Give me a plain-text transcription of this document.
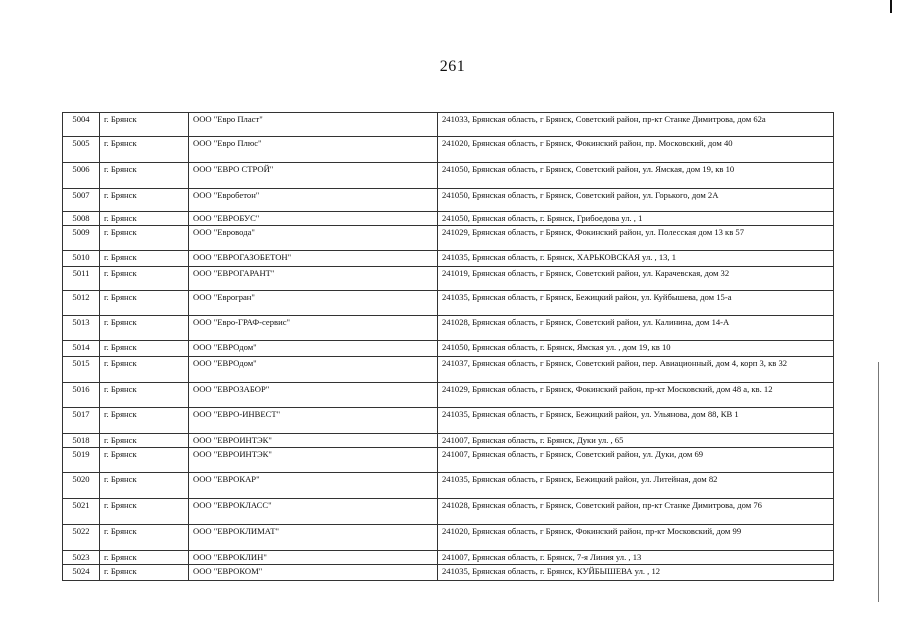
261
5004	г. Брянск	ООО "Евро Пласт"	241033, Брянская область, г Брянск, Советский район, пр-кт Станке Димитрова, дом 62а
5005	г. Брянск	ООО "Евро Плюс"	241020, Брянская область, г Брянск, Фокинский район, пр. Московский, дом 40
5006	г. Брянск	ООО "ЕВРО СТРОЙ"	241050, Брянская область, г Брянск, Советский район, ул. Ямская, дом 19, кв 10
5007	г. Брянск	ООО "Евробетон"	241050, Брянская область, г Брянск, Советский район, ул. Горького, дом 2А
5008	г. Брянск	ООО "ЕВРОБУС"	241050, Брянская область, г. Брянск, Грибоедова ул. , 1
5009	г. Брянск	ООО "Евровода"	241029, Брянская область, г Брянск, Фокинский район, ул. Полесская дом 13 кв 57
5010	г. Брянск	ООО "ЕВРОГАЗОБЕТОН"	241035, Брянская область, г. Брянск, ХАРЬКОВСКАЯ ул. , 13, 1
5011	г. Брянск	ООО "ЕВРОГАРАНТ"	241019, Брянская область, г Брянск, Советский район, ул. Карачевская, дом 32
5012	г. Брянск	ООО "Еврогран"	241035, Брянская область, г Брянск, Бежицкий район, ул. Куйбышева, дом 15-а
5013	г. Брянск	ООО "Евро-ГРАФ-сервис"	241028, Брянская область, г Брянск, Советский район, ул. Калинина, дом 14-А
5014	г. Брянск	ООО "ЕВРОдом"	241050, Брянская область, г. Брянск, Ямская ул. , дом 19, кв 10
5015	г. Брянск	ООО "ЕВРОдом"	241037, Брянская область, г Брянск, Советский район, пер. Авиационный, дом 4, корп 3, кв 32
5016	г. Брянск	ООО "ЕВРОЗАБОР"	241029, Брянская область, г Брянск, Фокинский район, пр-кт Московский, дом 48 а, кв. 12
5017	г. Брянск	ООО "ЕВРО-ИНВЕСТ"	241035, Брянская область, г Брянск, Бежицкий район, ул. Ульянова, дом 88, КВ 1
5018	г. Брянск	ООО "ЕВРОИНТЭК"	241007, Брянская область, г. Брянск, Дуки ул. , 65
5019	г. Брянск	ООО "ЕВРОИНТЭК"	241007, Брянская область, г Брянск, Советский район, ул. Дуки, дом 69
5020	г. Брянск	ООО "ЕВРОКАР"	241035, Брянская область, г Брянск, Бежицкий район, ул. Литейная, дом 82
5021	г. Брянск	ООО "ЕВРОКЛАСС"	241028, Брянская область, г Брянск, Советский район, пр-кт Станке Димитрова, дом 76
5022	г. Брянск	ООО "ЕВРОКЛИМАТ"	241020, Брянская область, г Брянск, Фокинский район, пр-кт Московский, дом 99
5023	г. Брянск	ООО "ЕВРОКЛИН"	241007, Брянская область, г. Брянск, 7-я Линия ул. , 13
5024	г. Брянск	ООО "ЕВРОКОМ"	241035, Брянская область, г. Брянск, КУЙБЫШЕВА ул. , 12
